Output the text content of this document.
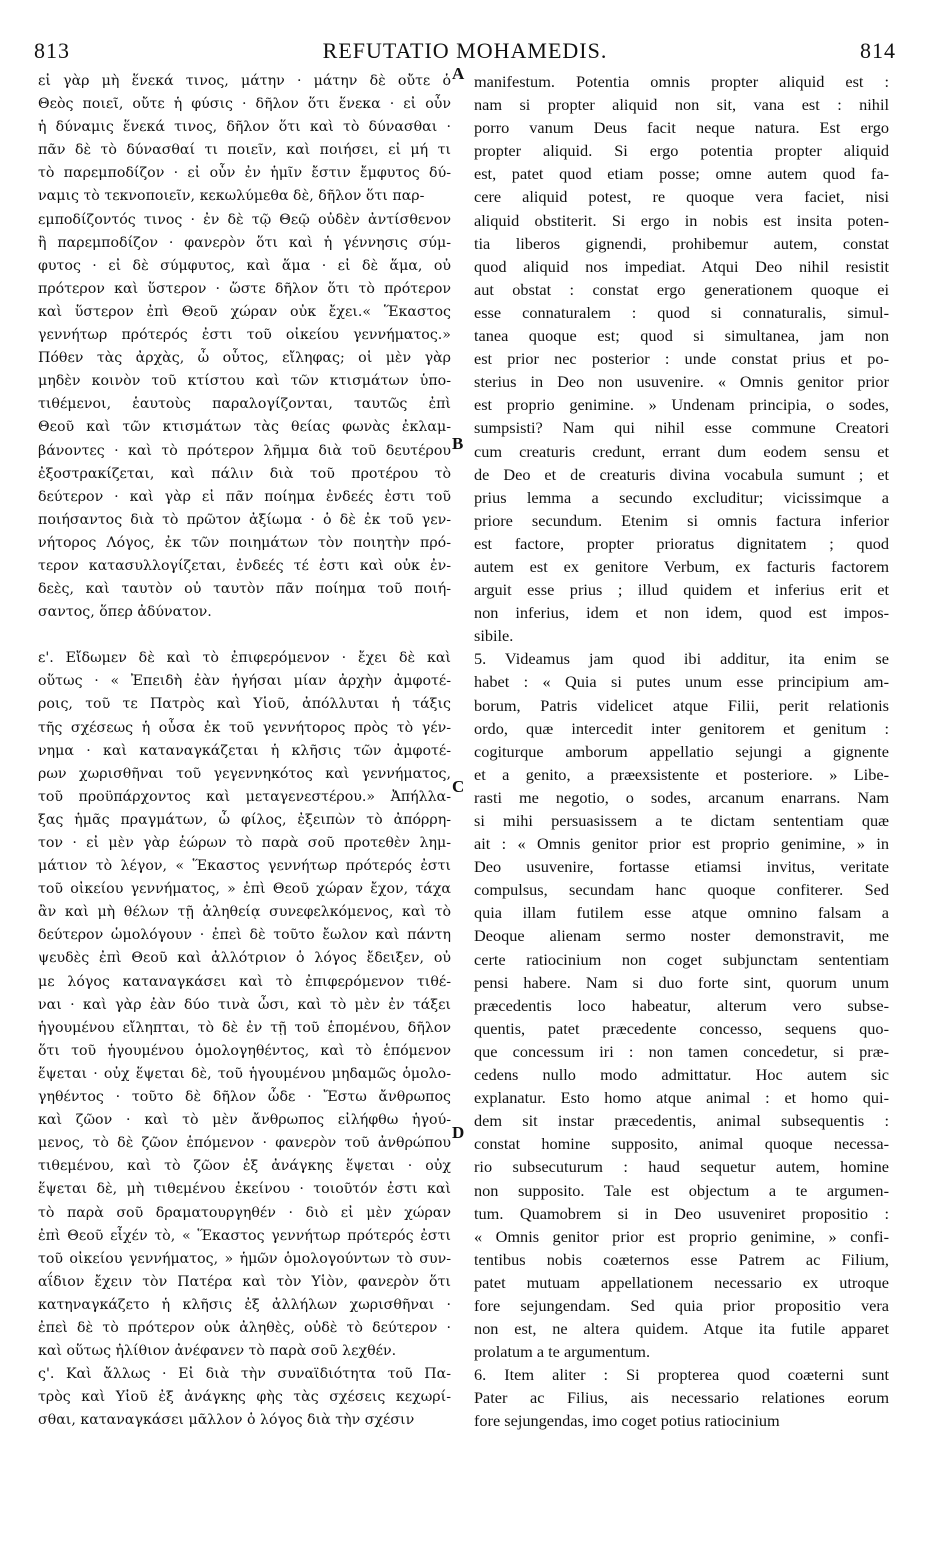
813	REFUTATIO MOHAMEDIS.	814
A
B
C
D
εἰ γὰρ μὴ ἕνεκά τινος, μάτην · μάτην δὲ οὔτε ὁ
Θεὸς ποιεῖ, οὔτε ἡ φύσις · δῆλον ὅτι ἕνεκα · εἰ οὖν
ἡ δύναμις ἕνεκά τινος, δῆλον ὅτι καὶ τὸ δύνασθαι ·
πᾶν δὲ τὸ δύνασθαί τι ποιεῖν, καὶ ποιήσει, εἰ μή τι
τὸ παρεμποδίζον · εἰ οὖν ἐν ἡμῖν ἔστιν ἔμφυτος δύ-
ναμις τὸ τεκνοποιεῖν, κεκωλύμεθα δὲ, δῆλον ὅτι παρ-
εμποδίζοντός τινος · ἐν δὲ τῷ Θεῷ οὐδὲν ἀντίσθενον
ἢ παρεμποδίζον · φανερὸν ὅτι καὶ ἡ γέννησις σύμ-
φυτος · εἰ δὲ σύμφυτος, καὶ ἅμα · εἰ δὲ ἅμα, οὐ
πρότερον καὶ ὕστερον · ὥστε δῆλον ὅτι τὸ πρότερον
καὶ ὕστερον ἐπὶ Θεοῦ χώραν οὐκ ἔχει.« Ἕκαστος
γεννήτωρ πρότερός ἐστι τοῦ οἰκείου γεννήματος.»
Πόθεν τὰς ἀρχὰς, ὦ οὗτος, εἴληφας; οἱ μὲν γὰρ
μηδὲν κοινὸν τοῦ κτίστου καὶ τῶν κτισμάτων ὑπο-
τιθέμενοι, ἑαυτοὺς παραλογίζονται, ταυτῶς ἐπὶ
Θεοῦ καὶ τῶν κτισμάτων τὰς θείας φωνὰς ἐκλαμ-
βάνοντες · καὶ τὸ πρότερον λῆμμα διὰ τοῦ δευτέρου
ἐξοστρακίζεται, καὶ πάλιν διὰ τοῦ προτέρου τὸ
δεύτερον · καὶ γὰρ εἰ πᾶν ποίημα ἐνδεές ἐστι τοῦ
ποιήσαντος διὰ τὸ πρῶτον ἀξίωμα · ὁ δὲ ἐκ τοῦ γεν-
νήτορος Λόγος, ἐκ τῶν ποιημάτων τὸν ποιητὴν πρό-
τερον κατασυλλογίζεται, ἐνδεές τέ ἐστι καὶ οὐκ ἐν-
δεὲς, καὶ ταυτὸν οὐ ταυτὸν πᾶν ποίημα τοῦ ποιή-
σαντος, ὅπερ ἀδύνατον.
ε'. Εἴδωμεν δὲ καὶ τὸ ἐπιφερόμενον · ἔχει δὲ καὶ
οὕτως · « Ἐπειδὴ ἐὰν ἡγήσαι μίαν ἀρχὴν ἀμφοτέ-
ροις, τοῦ τε Πατρὸς καὶ Υἱοῦ, ἀπόλλυται ἡ τάξις
τῆς σχέσεως ἡ οὖσα ἐκ τοῦ γεννήτορος πρὸς τὸ γέν-
νημα · καὶ καταναγκάζεται ἡ κλῆσις τῶν ἀμφοτέ-
ρων χωρισθῆναι τοῦ γεγεννηκότος καὶ γεννήματος,
τοῦ προϋπάρχοντος καὶ μεταγενεστέρου.» Ἀπήλλα-
ξας ἡμᾶς πραγμάτων, ὦ φίλος, ἐξειπὼν τὸ ἀπόρρη-
τον · εἰ μὲν γὰρ ἑώρων τὸ παρὰ σοῦ προτεθὲν λημ-
μάτιον τὸ λέγον, « Ἕκαστος γεννήτωρ πρότερός ἐστι
τοῦ οἰκείου γεννήματος, » ἐπὶ Θεοῦ χώραν ἔχον, τάχα
ἂν καὶ μὴ θέλων τῇ ἀληθείᾳ συνεφελκόμενος, καὶ τὸ
δεύτερον ὡμολόγουν · ἐπεὶ δὲ τοῦτο ἔωλον καὶ πάντη
ψευδὲς ἐπὶ Θεοῦ καὶ ἀλλότριον ὁ λόγος ἔδειξεν, οὐ
με λόγος καταναγκάσει καὶ τὸ ἐπιφερόμενον τιθέ-
ναι · καὶ γὰρ ἐὰν δύο τινὰ ὦσι, καὶ τὸ μὲν ἐν τάξει
ἡγουμένου εἴληπται, τὸ δὲ ἐν τῇ τοῦ ἑπομένου, δῆλον
ὅτι τοῦ ἡγουμένου ὁμολογηθέντος, καὶ τὸ ἑπόμενον
ἕψεται · οὐχ ἕψεται δὲ, τοῦ ἡγουμένου μηδαμῶς ὁμολο-
γηθέντος · τοῦτο δὲ δῆλον ὧδε · Ἔστω ἄνθρωπος
καὶ ζῶον · καὶ τὸ μὲν ἄνθρωπος εἰλήφθω ἡγού-
μενος, τὸ δὲ ζῶον ἑπόμενον · φανερὸν τοῦ ἀνθρώπου
τιθεμένου, καὶ τὸ ζῶον ἐξ ἀνάγκης ἕψεται · οὐχ
ἕψεται δὲ, μὴ τιθεμένου ἐκείνου · τοιοῦτόν ἐστι καὶ
τὸ παρὰ σοῦ δραματουργηθέν · διὸ εἰ μὲν χώραν
ἐπὶ Θεοῦ εἶχέν τὸ, « Ἕκαστος γεννήτωρ πρότερός ἐστι
τοῦ οἰκείου γεννήματος, » ἡμῶν ὁμολογούντων τὸ συν-
αΐδιον ἔχειν τὸν Πατέρα καὶ τὸν Υἱὸν, φανερὸν ὅτι
κατηναγκάζετο ἡ κλῆσις ἐξ ἀλλήλων χωρισθῆναι ·
ἐπεὶ δὲ τὸ πρότερον οὐκ ἀληθὲς, οὐδὲ τὸ δεύτερον ·
καὶ οὕτως ἠλίθιον ἀνέφανεν τὸ παρὰ σοῦ λεχθέν.
ς'. Καὶ ἄλλως · Εἰ διὰ τὴν συναϊδιότητα τοῦ Πα-
τρὸς καὶ Υἱοῦ ἐξ ἀνάγκης φὴς τὰς σχέσεις κεχωρί-
σθαι, καταναγκάσει μᾶλλον ὁ λόγος διὰ τὴν σχέσιν
manifestum. Potentia omnis propter aliquid est :
nam si propter aliquid non sit, vana est : nihil
porro vanum Deus facit neque natura. Est ergo
propter aliquid. Si ergo potentia propter aliquid
est, patet quod etiam posse; omne autem quod fa-
cere aliquid potest, re quoque vera faciet, nisi
aliquid obstiterit. Si ergo in nobis est insita poten-
tia liberos gignendi, prohibemur autem, constat
quod aliquid nos impediat. Atqui Deo nihil resistit
aut obstat : constat ergo generationem quoque ei
esse connaturalem : quod si connaturalis, simul-
tanea quoque est; quod si simultanea, jam non
est prior nec posterior : unde constat prius et po-
sterius in Deo non usuvenire. « Omnis genitor prior
est proprio genimine. » Undenam principia, o sodes,
sumpsisti? Nam qui nihil esse commune Creatori
cum creaturis credunt, errant dum eodem sensu et
de Deo et de creaturis divina vocabula sumunt ; et
prius lemma a secundo excluditur; vicissimque a
priore secundum. Etenim si omnis factura inferior
est factore, propter prioratus dignitatem ; quod
autem est ex genitore Verbum, ex facturis factorem
arguit esse prius ; illud quidem et inferius erit et
non inferius, idem et non idem, quod est impos-
sibile.
5. Videamus jam quod ibi additur, ita enim se
habet : « Quia si putes unum esse principium am-
borum, Patris videlicet atque Filii, perit relationis
ordo, quæ intercedit inter genitorem et genitum :
cogiturque amborum appellatio sejungi a gignente
et a genito, a præexsistente et posteriore. » Libe-
rasti me negotio, o sodes, arcanum enarrans. Nam
si mihi persuasissem a te dictam sententiam quæ
ait : « Omnis genitor prior est proprio genimine, » in
Deo usuvenire, fortasse etiamsi invitus, veritate
compulsus, secundam hanc quoque confiterer. Sed
quia illam futilem esse atque omnino falsam a
Deoque alienam sermo noster demonstravit, me
certe ratiocinium non coget subjunctam sententiam
pensi habere. Nam si duo forte sint, quorum unum
præcedentis loco habeatur, alterum vero subse-
quentis, patet præcedente concesso, sequens quo-
que concessum iri : non tamen concedetur, si præ-
cedens nullo modo admittatur. Hoc autem sic
explanatur. Esto homo atque animal : et homo qui-
dem sit instar præcedentis, animal subsequentis :
constat homine supposito, animal quoque necessa-
rio subsecuturum : haud sequetur autem, homine
non supposito. Tale est objectum a te argumen-
tum. Quamobrem si in Deo usuveniret propositio :
« Omnis genitor prior est proprio genimine, » confi-
tentibus nobis coæternos esse Patrem ac Filium,
patet mutuam appellationem necessario ex utroque
fore sejungendam. Sed quia prior propositio vera
non est, ne altera quidem. Atque ita futile apparet
prolatum a te argumentum.
6. Item aliter : Si propterea quod coæterni sunt
Pater ac Filius, ais necessario relationes eorum
fore sejungendas, imo coget potius ratiocinium
